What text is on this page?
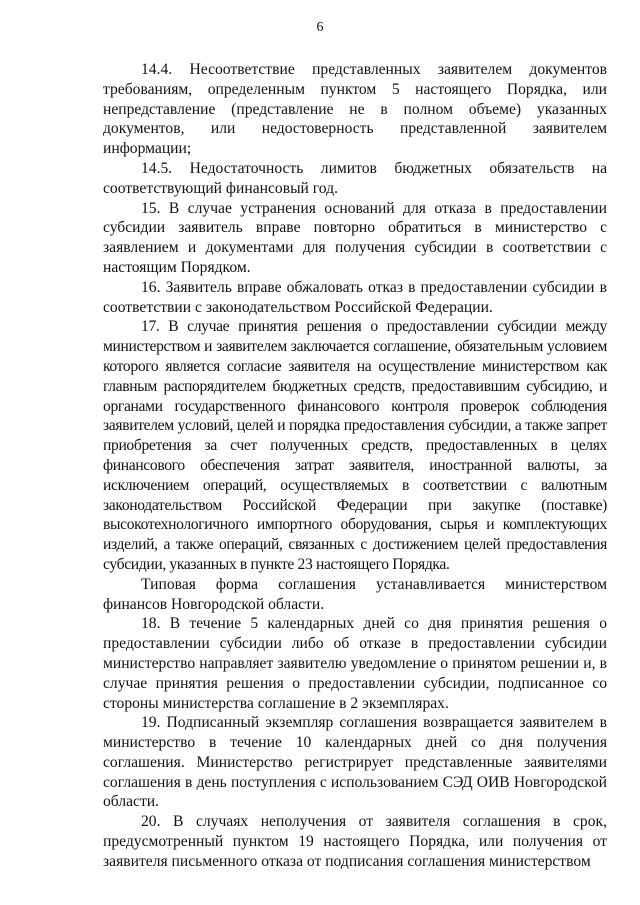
6

14.4. Несоответствие представленных заявителем документов требованиям, определенным пунктом 5 настоящего Порядка, или непредставление (представление не в полном объеме) указанных документов, или недостоверность представленной заявителем информации;

14.5. Недостаточность лимитов бюджетных обязательств на соответствующий финансовый год.

15. В случае устранения оснований для отказа в предоставлении субсидии заявитель вправе повторно обратиться в министерство с заявлением и документами для получения субсидии в соответствии с настоящим Порядком.

16. Заявитель вправе обжаловать отказ в предоставлении субсидии в соответствии с законодательством Российской Федерации.

17. В случае принятия решения о предоставлении субсидии между министерством и заявителем заключается соглашение, обязательным условием которого является согласие заявителя на осуществление министерством как главным распорядителем бюджетных средств, предоставившим субсидию, и органами государственного финансового контроля проверок соблюдения заявителем условий, целей и порядка предоставления субсидии, а также запрет приобретения за счет полученных средств, предоставленных в целях финансового обеспечения затрат заявителя, иностранной валюты, за исключением операций, осуществляемых в соответствии с валютным законодательством Российской Федерации при закупке (поставке) высокотехнологичного импортного оборудования, сырья и комплектующих изделий, а также операций, связанных с достижением целей предоставления субсидии, указанных в пункте 23 настоящего Порядка.

Типовая форма соглашения устанавливается министерством финансов Новгородской области.

18. В течение 5 календарных дней со дня принятия решения о предоставлении субсидии либо об отказе в предоставлении субсидии министерство направляет заявителю уведомление о принятом решении и, в случае принятия решения о предоставлении субсидии, подписанное со стороны министерства соглашение в 2 экземплярах.

19. Подписанный экземпляр соглашения возвращается заявителем в министерство в течение 10 календарных дней со дня получения соглашения. Министерство регистрирует представленные заявителями соглашения в день поступления с использованием СЭД ОИВ Новгородской области.

20. В случаях неполучения от заявителя соглашения в срок, предусмотренный пунктом 19 настоящего Порядка, или получения от заявителя письменного отказа от подписания соглашения министерством
